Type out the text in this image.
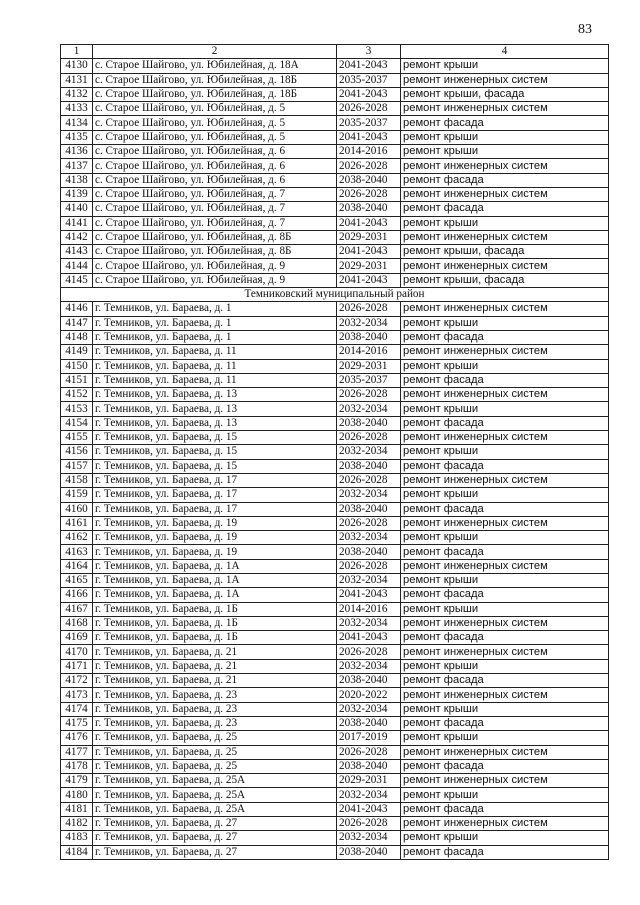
83
1	2	3	4
4130	с. Старое Шайгово, ул. Юбилейная, д. 18А	2041-2043	ремонт крыши
4131	с. Старое Шайгово, ул. Юбилейная, д. 18Б	2035-2037	ремонт инженерных систем
4132	с. Старое Шайгово, ул. Юбилейная, д. 18Б	2041-2043	ремонт крыши, фасада
4133	с. Старое Шайгово, ул. Юбилейная, д. 5	2026-2028	ремонт инженерных систем
4134	с. Старое Шайгово, ул. Юбилейная, д. 5	2035-2037	ремонт фасада
4135	с. Старое Шайгово, ул. Юбилейная, д. 5	2041-2043	ремонт крыши
4136	с. Старое Шайгово, ул. Юбилейная, д. 6	2014-2016	ремонт крыши
4137	с. Старое Шайгово, ул. Юбилейная, д. 6	2026-2028	ремонт инженерных систем
4138	с. Старое Шайгово, ул. Юбилейная, д. 6	2038-2040	ремонт фасада
4139	с. Старое Шайгово, ул. Юбилейная, д. 7	2026-2028	ремонт инженерных систем
4140	с. Старое Шайгово, ул. Юбилейная, д. 7	2038-2040	ремонт фасада
4141	с. Старое Шайгово, ул. Юбилейная, д. 7	2041-2043	ремонт крыши
4142	с. Старое Шайгово, ул. Юбилейная, д. 8Б	2029-2031	ремонт инженерных систем
4143	с. Старое Шайгово, ул. Юбилейная, д. 8Б	2041-2043	ремонт крыши, фасада
4144	с. Старое Шайгово, ул. Юбилейная, д. 9	2029-2031	ремонт инженерных систем
4145	с. Старое Шайгово, ул. Юбилейная, д. 9	2041-2043	ремонт крыши, фасада
Темниковский муниципальный район			
4146	г. Темников, ул. Бараева, д. 1	2026-2028	ремонт инженерных систем
4147	г. Темников, ул. Бараева, д. 1	2032-2034	ремонт крыши
4148	г. Темников, ул. Бараева, д. 1	2038-2040	ремонт фасада
4149	г. Темников, ул. Бараева, д. 11	2014-2016	ремонт инженерных систем
4150	г. Темников, ул. Бараева, д. 11	2029-2031	ремонт крыши
4151	г. Темников, ул. Бараева, д. 11	2035-2037	ремонт фасада
4152	г. Темников, ул. Бараева, д. 13	2026-2028	ремонт инженерных систем
4153	г. Темников, ул. Бараева, д. 13	2032-2034	ремонт крыши
4154	г. Темников, ул. Бараева, д. 13	2038-2040	ремонт фасада
4155	г. Темников, ул. Бараева, д. 15	2026-2028	ремонт инженерных систем
4156	г. Темников, ул. Бараева, д. 15	2032-2034	ремонт крыши
4157	г. Темников, ул. Бараева, д. 15	2038-2040	ремонт фасада
4158	г. Темников, ул. Бараева, д. 17	2026-2028	ремонт инженерных систем
4159	г. Темников, ул. Бараева, д. 17	2032-2034	ремонт крыши
4160	г. Темников, ул. Бараева, д. 17	2038-2040	ремонт фасада
4161	г. Темников, ул. Бараева, д. 19	2026-2028	ремонт инженерных систем
4162	г. Темников, ул. Бараева, д. 19	2032-2034	ремонт крыши
4163	г. Темников, ул. Бараева, д. 19	2038-2040	ремонт фасада
4164	г. Темников, ул. Бараева, д. 1А	2026-2028	ремонт инженерных систем
4165	г. Темников, ул. Бараева, д. 1А	2032-2034	ремонт крыши
4166	г. Темников, ул. Бараева, д. 1А	2041-2043	ремонт фасада
4167	г. Темников, ул. Бараева, д. 1Б	2014-2016	ремонт крыши
4168	г. Темников, ул. Бараева, д. 1Б	2032-2034	ремонт инженерных систем
4169	г. Темников, ул. Бараева, д. 1Б	2041-2043	ремонт фасада
4170	г. Темников, ул. Бараева, д. 21	2026-2028	ремонт инженерных систем
4171	г. Темников, ул. Бараева, д. 21	2032-2034	ремонт крыши
4172	г. Темников, ул. Бараева, д. 21	2038-2040	ремонт фасада
4173	г. Темников, ул. Бараева, д. 23	2020-2022	ремонт инженерных систем
4174	г. Темников, ул. Бараева, д. 23	2032-2034	ремонт крыши
4175	г. Темников, ул. Бараева, д. 23	2038-2040	ремонт фасада
4176	г. Темников, ул. Бараева, д. 25	2017-2019	ремонт крыши
4177	г. Темников, ул. Бараева, д. 25	2026-2028	ремонт инженерных систем
4178	г. Темников, ул. Бараева, д. 25	2038-2040	ремонт фасада
4179	г. Темников, ул. Бараева, д. 25А	2029-2031	ремонт инженерных систем
4180	г. Темников, ул. Бараева, д. 25А	2032-2034	ремонт крыши
4181	г. Темников, ул. Бараева, д. 25А	2041-2043	ремонт фасада
4182	г. Темников, ул. Бараева, д. 27	2026-2028	ремонт инженерных систем
4183	г. Темников, ул. Бараева, д. 27	2032-2034	ремонт крыши
4184	г. Темников, ул. Бараева, д. 27	2038-2040	ремонт фасада
